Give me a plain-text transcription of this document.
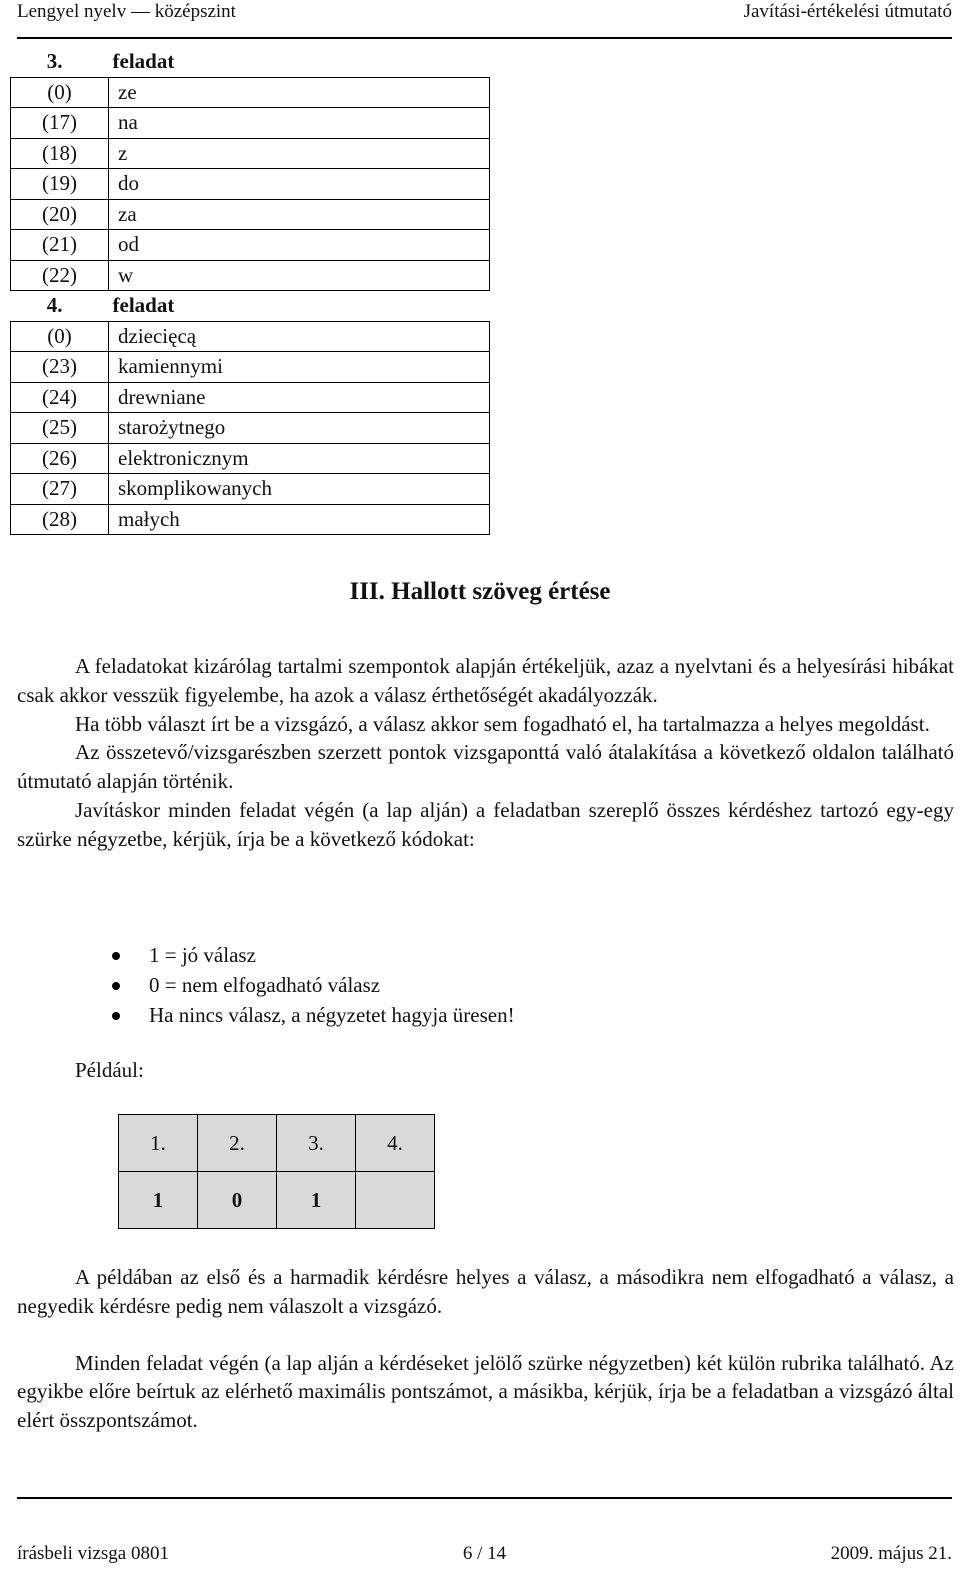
Lengyel nyelv — középszint	Javítási-értékelési útmutató
3.	feladat
(0)	ze
(17)	na
(18)	z
(19)	do
(20)	za
(21)	od
(22)	w
4.	feladat
(0)	dziecięcą
(23)	kamiennymi
(24)	drewniane
(25)	starożytnego
(26)	elektronicznym
(27)	skomplikowanych
(28)	małych
III. Hallott szöveg értése

A feladatokat kizárólag tartalmi szempontok alapján értékeljük, azaz a nyelvtani és a helyesírási hibákat csak akkor vesszük figyelembe, ha azok a válasz érthetőségét akadályozzák.

Ha több választ írt be a vizsgázó, a válasz akkor sem fogadható el, ha tartalmazza a helyes megoldást.

Az összetevő/vizsgarészben szerzett pontok vizsgaponttá való átalakítása a következő oldalon található útmutató alapján történik.

Javításkor minden feladat végén (a lap alján) a feladatban szereplő összes kérdéshez tartozó egy-egy szürke négyzetbe, kérjük, írja be a következő kódokat:

1 = jó válasz
0 = nem elfogadható válasz
Ha nincs válasz, a négyzetet hagyja üresen!
Például:
1.	2.	3.	4.
1	0	1	

A példában az első és a harmadik kérdésre helyes a válasz, a másodikra nem elfogadható a válasz, a negyedik kérdésre pedig nem válaszolt a vizsgázó.

Minden feladat végén (a lap alján a kérdéseket jelölő szürke négyzetben) két külön rubrika található. Az egyikbe előre beírtuk az elérhető maximális pontszámot, a másikba, kérjük, írja be a feladatban a vizsgázó által elért összpontszámot.

írásbeli vizsga 0801	6 / 14	2009. május 21.
